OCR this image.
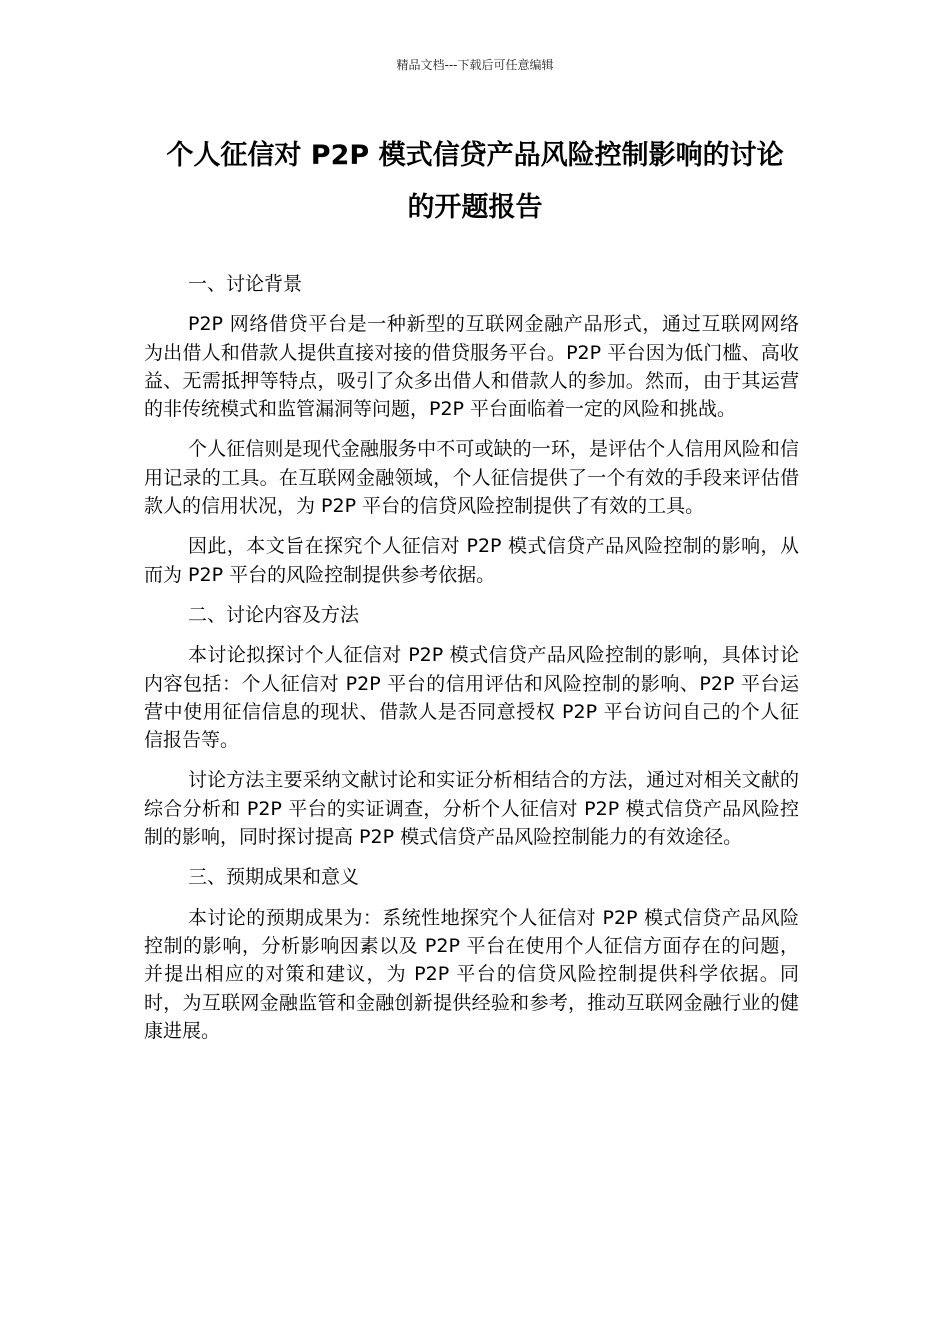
精品文档---下载后可任意编辑
个人征信对 P2P 模式信贷产品风险控制影响的讨论
的开题报告

一、讨论背景

P2P 网络借贷平台是一种新型的互联网金融产品形式，通过互联网网络为出借人和借款人提供直接对接的借贷服务平台。P2P 平台因为低门槛、高收益、无需抵押等特点，吸引了众多出借人和借款人的参加。然而，由于其运营的非传统模式和监管漏洞等问题，P2P 平台面临着一定的风险和挑战。

个人征信则是现代金融服务中不可或缺的一环，是评估个人信用风险和信用记录的工具。在互联网金融领域，个人征信提供了一个有效的手段来评估借款人的信用状况，为 P2P 平台的信贷风险控制提供了有效的工具。

因此，本文旨在探究个人征信对 P2P 模式信贷产品风险控制的影响，从而为 P2P 平台的风险控制提供参考依据。

二、讨论内容及方法

本讨论拟探讨个人征信对 P2P 模式信贷产品风险控制的影响，具体讨论内容包括：个人征信对 P2P 平台的信用评估和风险控制的影响、P2P 平台运营中使用征信信息的现状、借款人是否同意授权 P2P 平台访问自己的个人征信报告等。

讨论方法主要采纳文献讨论和实证分析相结合的方法，通过对相关文献的综合分析和 P2P 平台的实证调查，分析个人征信对 P2P 模式信贷产品风险控制的影响，同时探讨提高 P2P 模式信贷产品风险控制能力的有效途径。

三、预期成果和意义

本讨论的预期成果为：系统性地探究个人征信对 P2P 模式信贷产品风险控制的影响，分析影响因素以及 P2P 平台在使用个人征信方面存在的问题，并提出相应的对策和建议，为 P2P 平台的信贷风险控制提供科学依据。同时，为互联网金融监管和金融创新提供经验和参考，推动互联网金融行业的健康进展。
